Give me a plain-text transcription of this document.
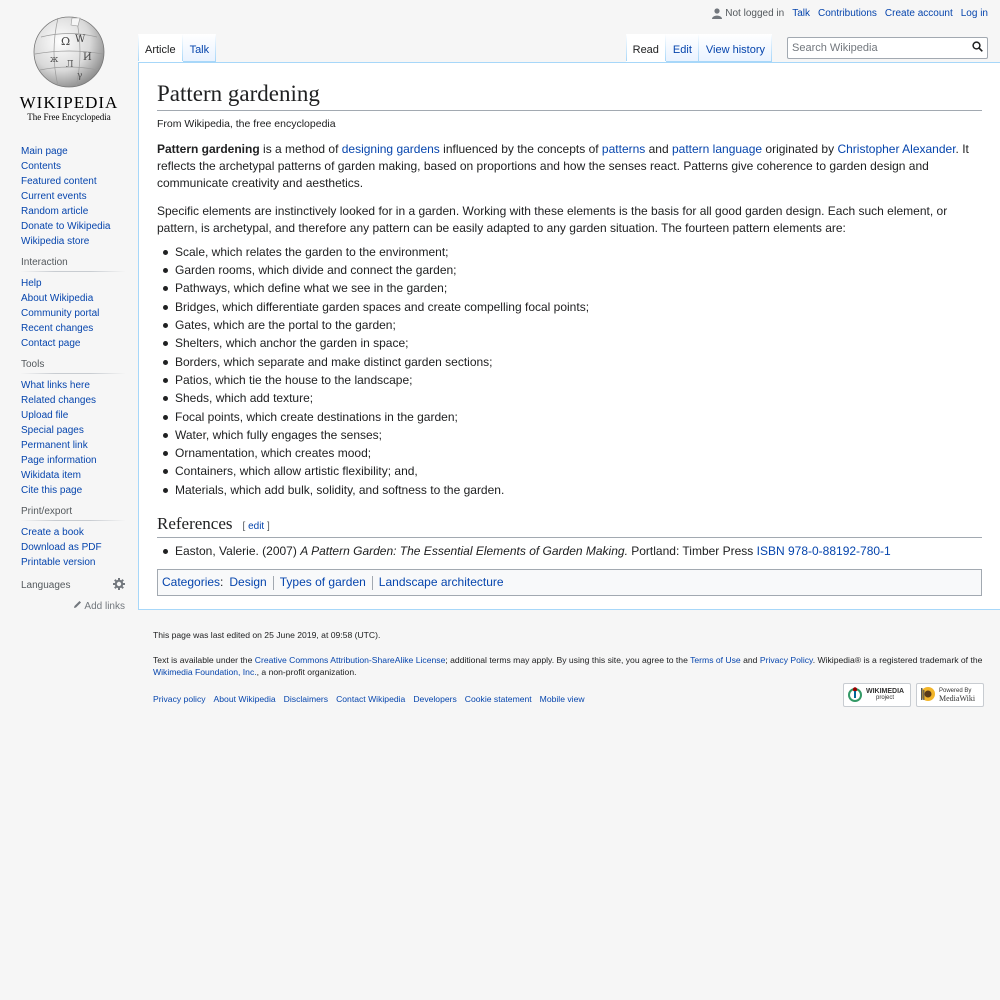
Not logged in Talk Contributions Create account Log in
Ω W
И
ж Л
γ
WIKIPEDIA
The Free Encyclopedia
Main page
Contents
Featured content
Current events
Random article
Donate to Wikipedia
Wikipedia store
Interaction
Help
About Wikipedia
Community portal
Recent changes
Contact page
Tools
What links here
Related changes
Upload file
Special pages
Permanent link
Page information
Wikidata item
Cite this page
Print/export
Create a book
Download as PDF
Printable version
Languages
Add links
Article	Talk	Read	Edit	View history
Search Wikipedia
Pattern gardening
From Wikipedia, the free encyclopedia

Pattern gardening is a method of designing gardens influenced by the concepts of patterns and pattern language originated by Christopher Alexander. It reflects the archetypal patterns of garden making, based on proportions and how the senses react. Patterns give coherence to garden design and communicate creativity and aesthetics.

Specific elements are instinctively looked for in a garden. Working with these elements is the basis for all good garden design. Each such element, or pattern, is archetypal, and therefore any pattern can be easily adapted to any garden situation. The fourteen pattern elements are:

Scale, which relates the garden to the environment;
Garden rooms, which divide and connect the garden;
Pathways, which define what we see in the garden;
Bridges, which differentiate garden spaces and create compelling focal points;
Gates, which are the portal to the garden;
Shelters, which anchor the garden in space;
Borders, which separate and make distinct garden sections;
Patios, which tie the house to the landscape;
Sheds, which add texture;
Focal points, which create destinations in the garden;
Water, which fully engages the senses;
Ornamentation, which creates mood;
Containers, which allow artistic flexibility; and,
Materials, which add bulk, solidity, and softness to the garden.
References [ edit ]
Easton, Valerie. (2007) A Pattern Garden: The Essential Elements of Garden Making. Portland: Timber Press ISBN 978-0-88192-780-1
Categories : Design Types of garden Landscape architecture
This page was last edited on 25 June 2019, at 09:58 (UTC).
Text is available under the Creative Commons Attribution-ShareAlike License; additional terms may apply. By using this site, you agree to the Terms of Use and Privacy Policy. Wikipedia® is a registered trademark of the Wikimedia Foundation, Inc., a non-profit organization.
Privacy policy About Wikipedia Disclaimers Contact Wikipedia Developers Cookie statement Mobile view
WIKIMEDIA
project
Powered By
MediaWiki
